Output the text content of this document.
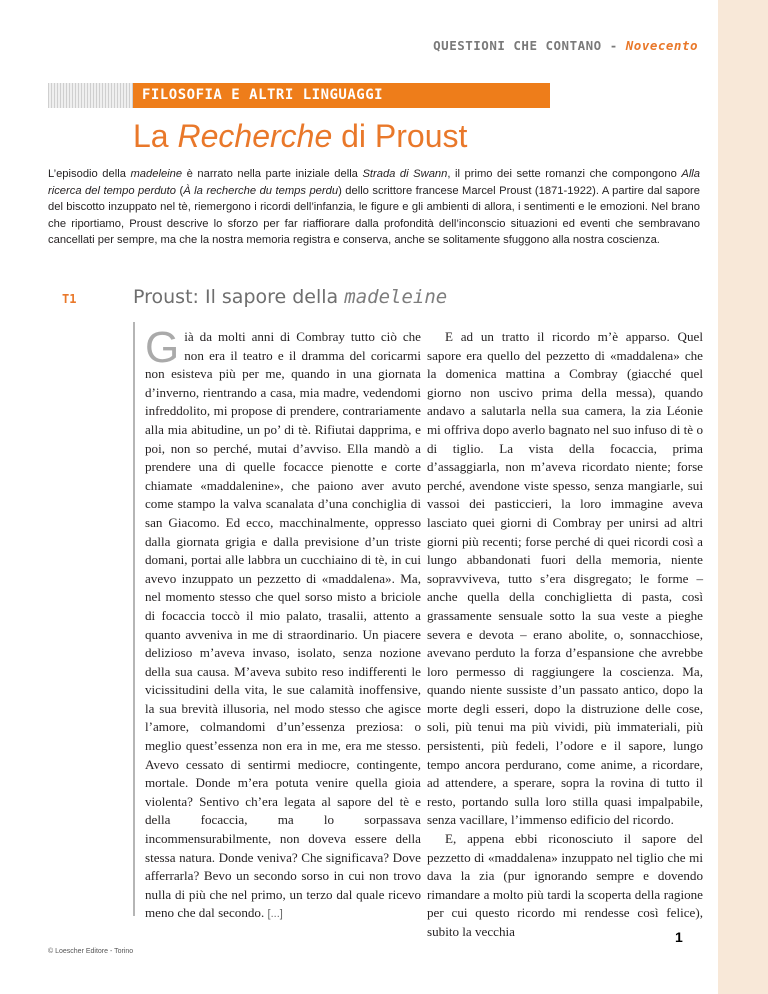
QUESTIONI CHE CONTANO - Novecento
FILOSOFIA E ALTRI LINGUAGGI
La Recherche di Proust

L’episodio della madeleine è narrato nella parte iniziale della Strada di Swann, il primo dei sette romanzi che compongono Alla ricerca del tempo perduto (À la recherche du temps perdu) dello scrittore francese Marcel Proust (1871-1922). A partire dal sapore del biscotto inzuppato nel tè, riemergono i ricordi dell’infanzia, le figure e gli ambienti di allora, i sentimenti e le emozioni. Nel brano che riportiamo, Proust descrive lo sforzo per far riaffiorare dalla profondità dell’inconscio situazioni ed eventi che sembravano cancellati per sempre, ma che la nostra memoria registra e conserva, anche se solitamente sfuggono alla nostra coscienza.

T1	Proust: Il sapore della madeleine

Già da molti anni di Combray tutto ciò che non era il teatro e il dramma del coricarmi non esisteva più per me, quando in una giornata d’inverno, rientrando a casa, mia madre, vedendomi infreddolito, mi propose di prendere, contrariamente alla mia abitudine, un po’ di tè. Rifiutai dapprima, e poi, non so perché, mutai d’avviso. Ella mandò a prendere una di quelle focacce pienotte e corte chiamate «maddalenine», che paiono aver avuto come stampo la valva scanalata d’una conchiglia di san Giacomo. Ed ecco, macchinalmente, oppresso dalla giornata grigia e dalla previsione d’un triste domani, portai alle labbra un cucchiaino di tè, in cui avevo inzuppato un pezzetto di «maddalena». Ma, nel momento stesso che quel sorso misto a briciole di focaccia toccò il mio palato, trasalii, attento a quanto avveniva in me di straordinario. Un piacere delizioso m’aveva invaso, isolato, senza nozione della sua causa. M’aveva subito reso indifferenti le vicissitudini della vita, le sue calamità inoffensive, la sua brevità illusoria, nel modo stesso che agisce l’amore, colmandomi d’un’essenza preziosa: o meglio quest’essenza non era in me, era me stesso. Avevo cessato di sentirmi mediocre, contingente, mortale. Donde m’era potuta venire quella gioia violenta? Sentivo ch’era legata al sapore del tè e della focaccia, ma lo sorpassava incommensurabilmente, non doveva essere della stessa natura. Donde veniva? Che significava? Dove afferrarla? Bevo un secondo sorso in cui non trovo nulla di più che nel primo, un terzo dal quale ricevo meno che dal secondo. [...]

E ad un tratto il ricordo m’è apparso. Quel sapore era quello del pezzetto di «maddalena» che la domenica mattina a Combray (giacché quel giorno non uscivo prima della messa), quando andavo a salutarla nella sua camera, la zia Léonie mi offriva dopo averlo bagnato nel suo infuso di tè o di tiglio. La vista della focaccia, prima d’assaggiarla, non m’aveva ricordato niente; forse perché, avendone viste spesso, senza mangiarle, sui vassoi dei pasticcieri, la loro immagine aveva lasciato quei giorni di Combray per unirsi ad altri giorni più recenti; forse perché di quei ricordi così a lungo abbandonati fuori della memoria, niente sopravviveva, tutto s’era disgregato; le forme – anche quella della conchiglietta di pasta, così grassamente sensuale sotto la sua veste a pieghe severa e devota – erano abolite, o, sonnacchiose, avevano perduto la forza d’espansione che avrebbe loro permesso di raggiungere la coscienza. Ma, quando niente sussiste d’un passato antico, dopo la morte degli esseri, dopo la distruzione delle cose, soli, più tenui ma più vividi, più immateriali, più persistenti, più fedeli, l’odore e il sapore, lungo tempo ancora perdurano, come anime, a ricordare, ad attendere, a sperare, sopra la rovina di tutto il resto, portando sulla loro stilla quasi impalpabile, senza vacillare, l’immenso edificio del ricordo.

E, appena ebbi riconosciuto il sapore del pezzetto di «maddalena» inzuppato nel tiglio che mi dava la zia (pur ignorando sempre e dovendo rimandare a molto più tardi la scoperta della ragione per cui questo ricordo mi rendesse così felice), subito la vecchia

© Loescher Editore - Torino
1
